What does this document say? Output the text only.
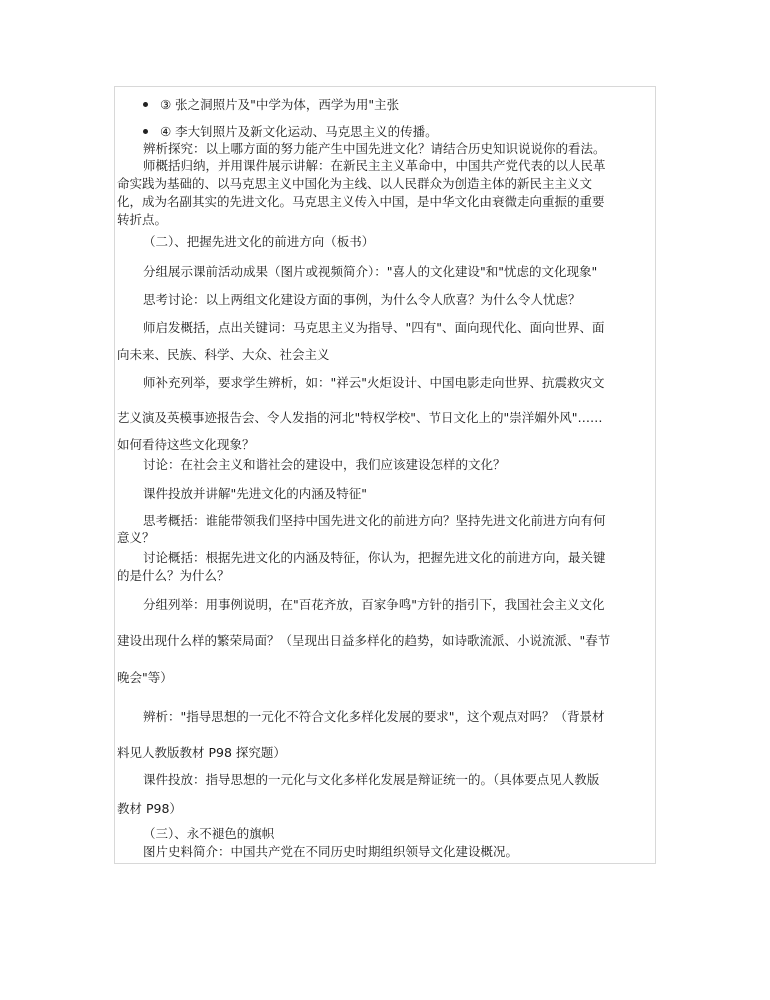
③ 张之洞照片及"中学为体，西学为用"主张
④ 李大钊照片及新文化运动、马克思主义的传播。
辨析探究：以上哪方面的努力能产生中国先进文化？请结合历史知识说说你的看法。
师概括归纳，并用课件展示讲解：在新民主主义革命中，中国共产党代表的以人民革
命实践为基础的、以马克思主义中国化为主线、以人民群众为创造主体的新民主主义文
化，成为名副其实的先进文化。马克思主义传入中国，是中华文化由衰微走向重振的重要
转折点。
（二）、把握先进文化的前进方向（板书）
分组展示课前活动成果（图片或视频简介）："喜人的文化建设"和"忧虑的文化现象"
思考讨论：以上两组文化建设方面的事例，为什么令人欣喜？为什么令人忧虑？
师启发概括，点出关键词：马克思主义为指导、"四有"、面向现代化、面向世界、面
向未来、民族、科学、大众、社会主义
师补充列举，要求学生辨析，如："祥云"火炬设计、中国电影走向世界、抗震救灾文
艺义演及英模事迹报告会、令人发指的河北"特权学校"、节日文化上的"崇洋媚外风"……
如何看待这些文化现象？
讨论：在社会主义和谐社会的建设中，我们应该建设怎样的文化？
课件投放并讲解"先进文化的内涵及特征"
思考概括：谁能带领我们坚持中国先进文化的前进方向？坚持先进文化前进方向有何
意义？
讨论概括：根据先进文化的内涵及特征，你认为，把握先进文化的前进方向，最关键
的是什么？为什么？
分组列举：用事例说明，在"百花齐放，百家争鸣"方针的指引下，我国社会主义文化
建设出现什么样的繁荣局面？（呈现出日益多样化的趋势，如诗歌流派、小说流派、"春节
晚会"等）
辨析："指导思想的一元化不符合文化多样化发展的要求"，这个观点对吗？（背景材
料见人教版教材 P98 探究题）
课件投放：指导思想的一元化与文化多样化发展是辩证统一的。（具体要点见人教版
教材 P98）
（三）、永不褪色的旗帜
图片史料简介：中国共产党在不同历史时期组织领导文化建设概况。
